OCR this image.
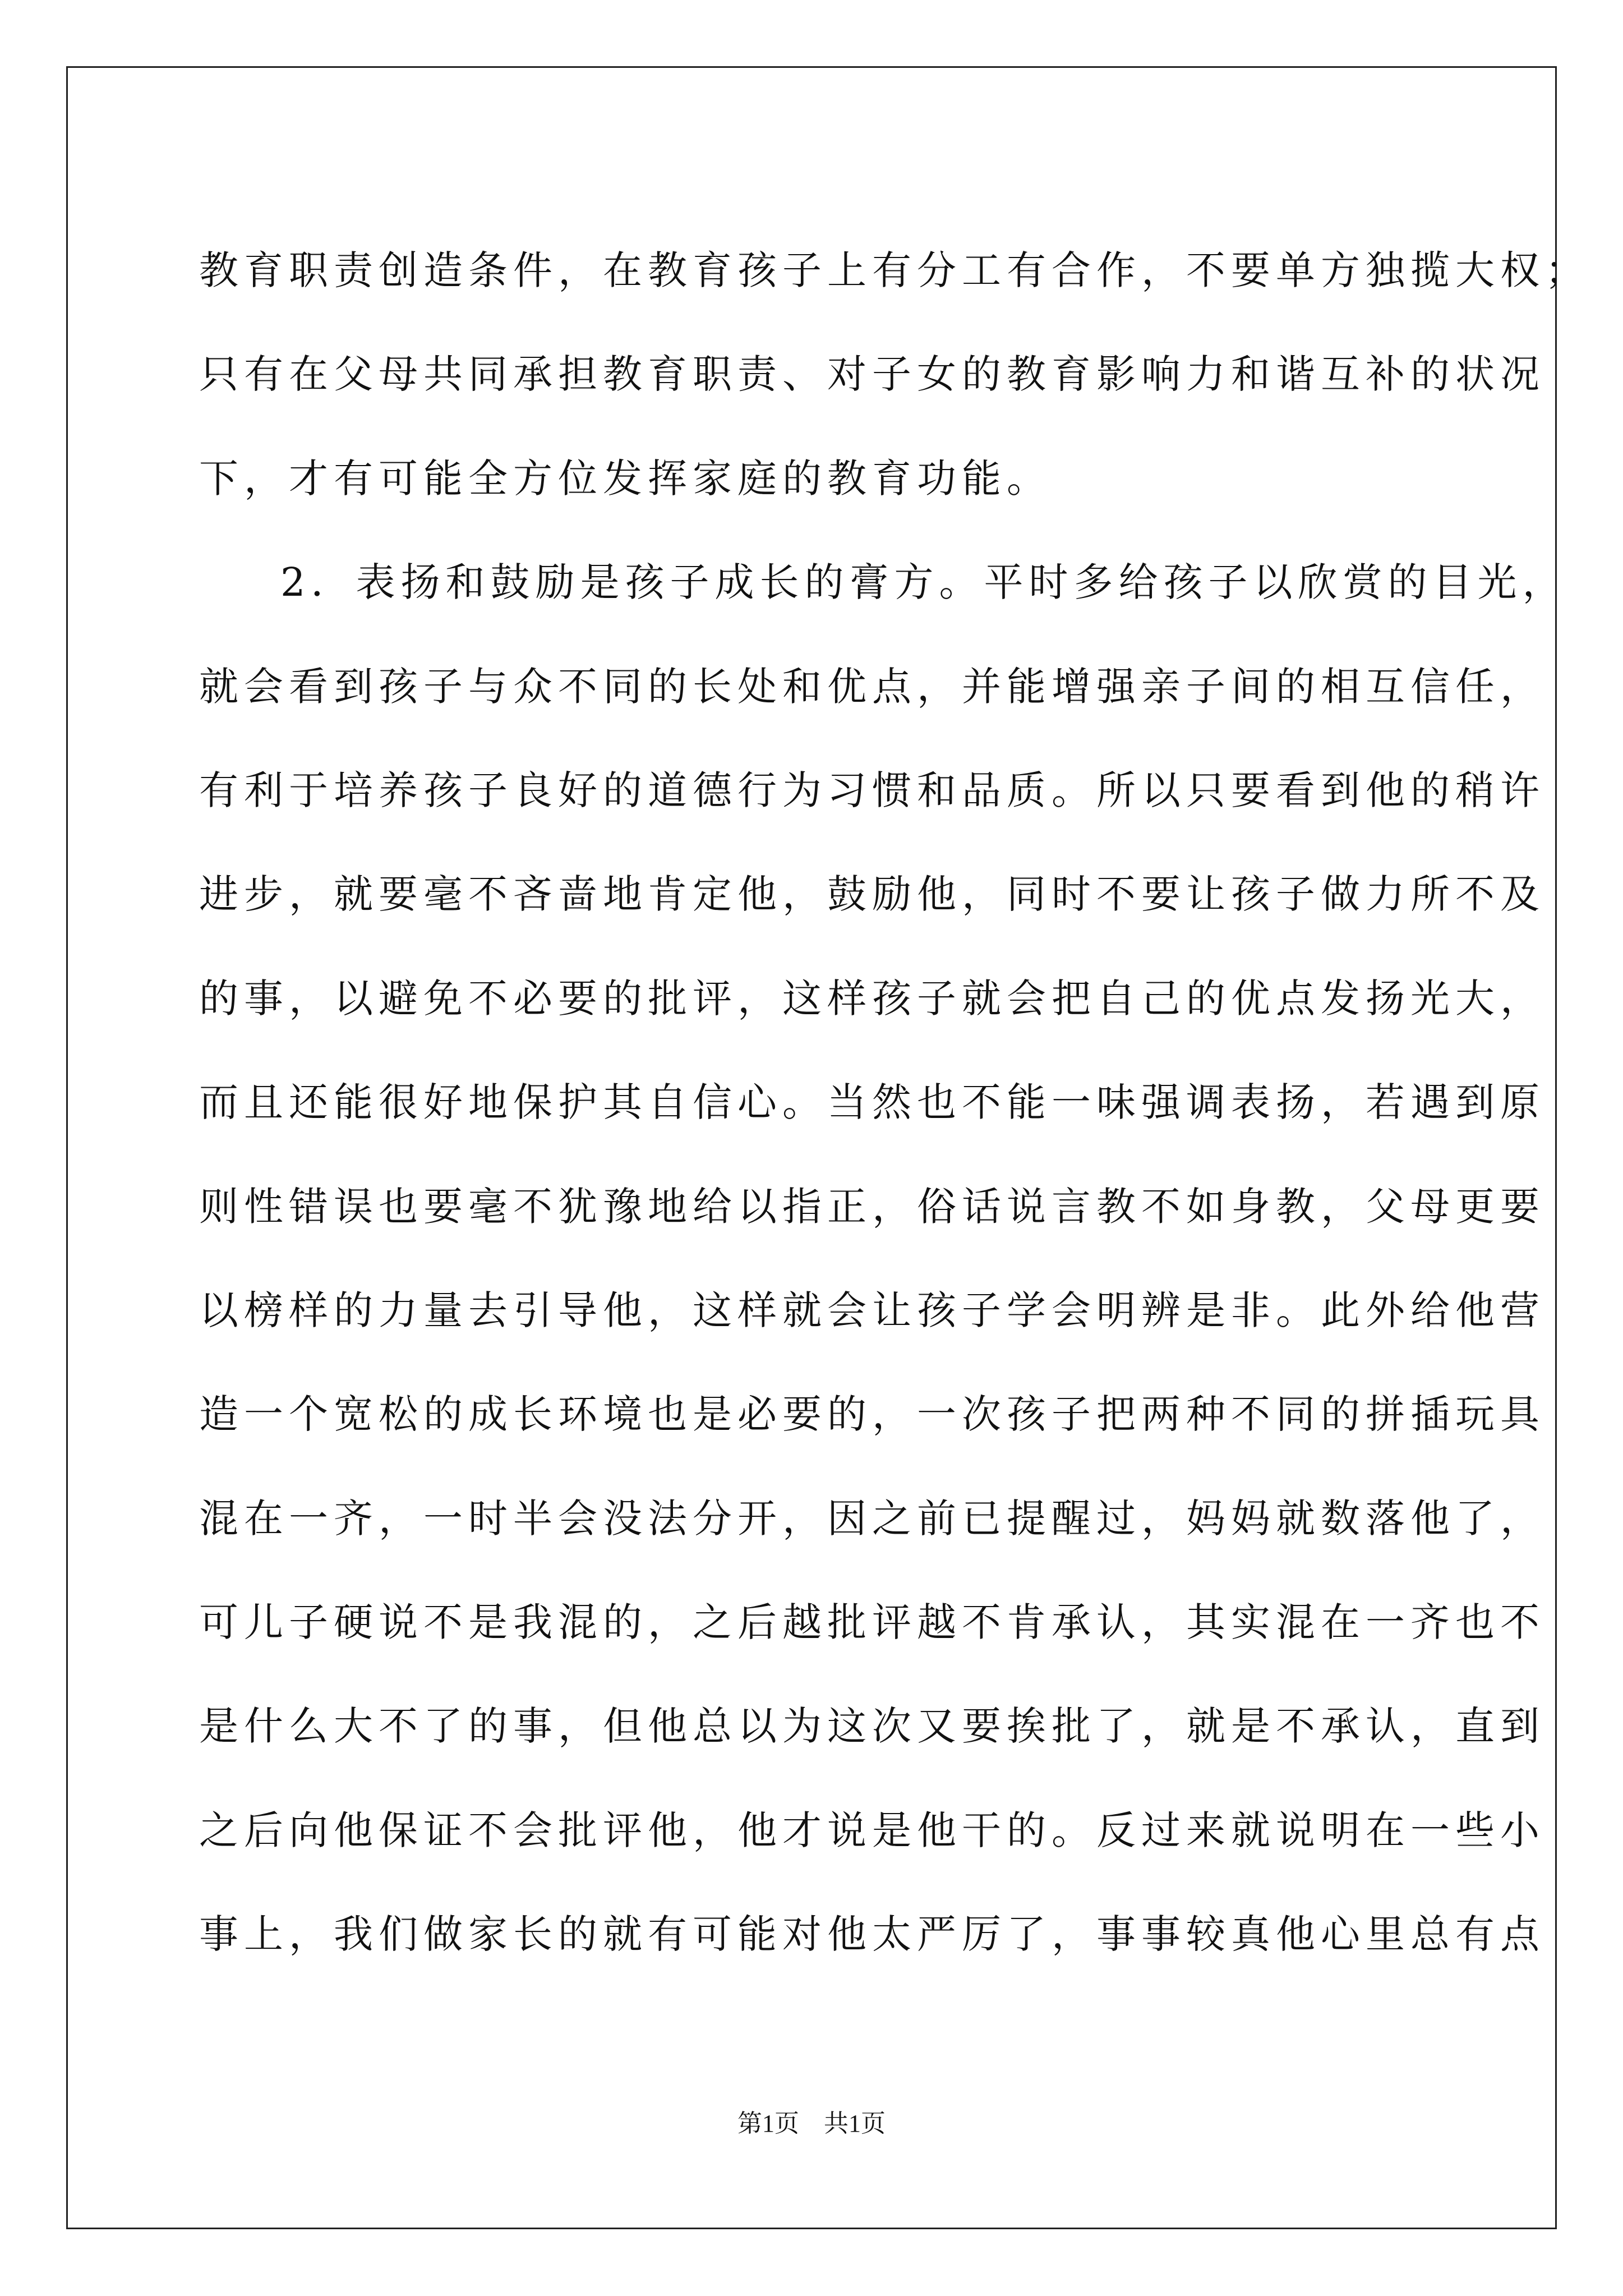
教育职责创造条件，在教育孩子上有分工有合作，不要单方独揽大权；
只有在父母共同承担教育职责、对子女的教育影响力和谐互补的状况
下，才有可能全方位发挥家庭的教育功能。
2．表扬和鼓励是孩子成长的膏方。平时多给孩子以欣赏的目光，
就会看到孩子与众不同的长处和优点，并能增强亲子间的相互信任，
有利于培养孩子良好的道德行为习惯和品质。所以只要看到他的稍许
进步，就要毫不吝啬地肯定他，鼓励他，同时不要让孩子做力所不及
的事，以避免不必要的批评，这样孩子就会把自己的优点发扬光大，
而且还能很好地保护其自信心。当然也不能一味强调表扬，若遇到原
则性错误也要毫不犹豫地给以指正，俗话说言教不如身教，父母更要
以榜样的力量去引导他，这样就会让孩子学会明辨是非。此外给他营
造一个宽松的成长环境也是必要的，一次孩子把两种不同的拼插玩具
混在一齐，一时半会没法分开，因之前已提醒过，妈妈就数落他了，
可儿子硬说不是我混的，之后越批评越不肯承认，其实混在一齐也不
是什么大不了的事，但他总以为这次又要挨批了，就是不承认，直到
之后向他保证不会批评他，他才说是他干的。反过来就说明在一些小
事上，我们做家长的就有可能对他太严厉了，事事较真他心里总有点
第1页　共1页
